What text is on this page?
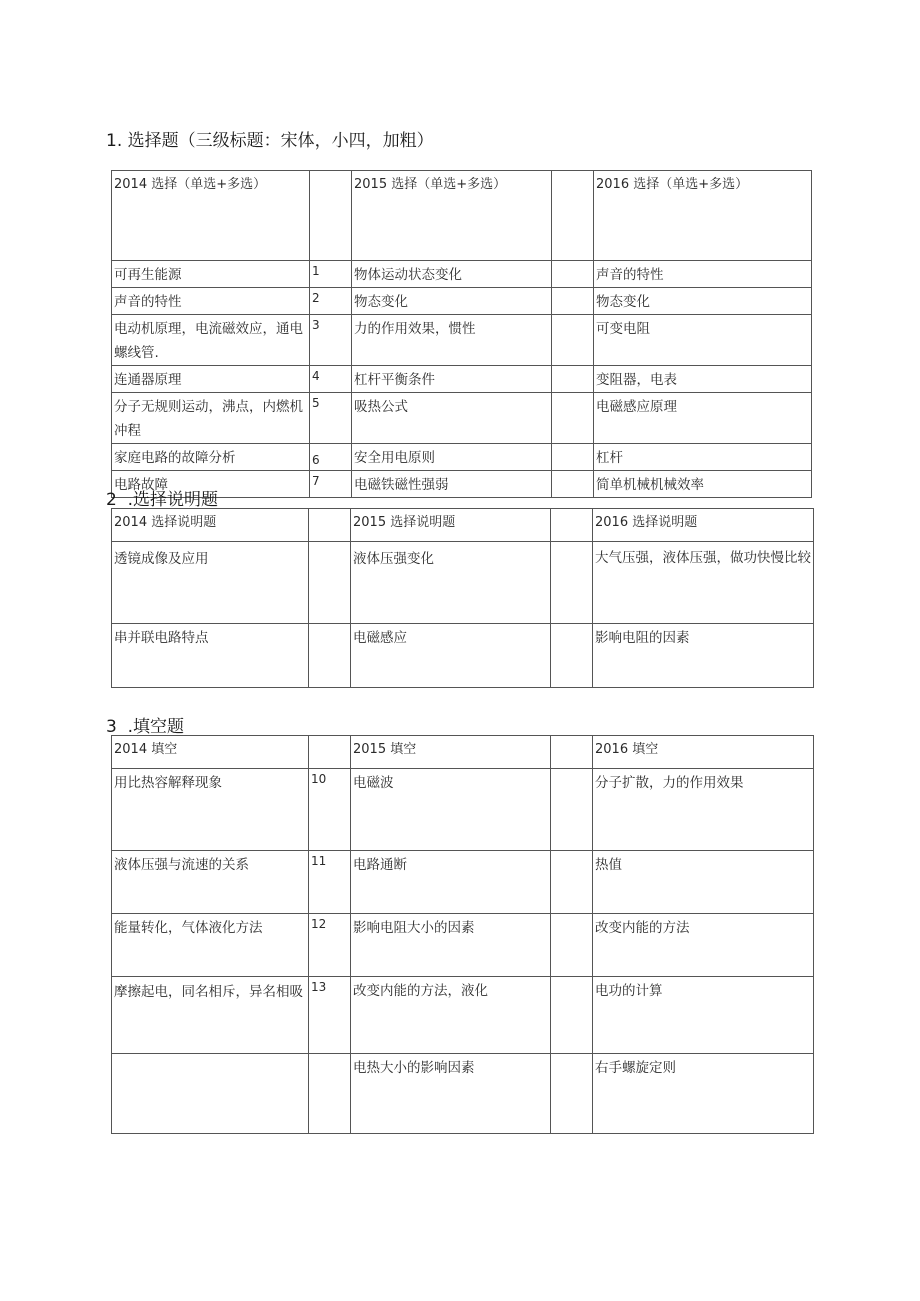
1. 选择题（三级标题：宋体，小四，加粗）
2014 选择（单选+多选）		2015 选择（单选+多选）		2016 选择（单选+多选）
可再生能源	1	物体运动状态变化		声音的特性
声音的特性	2	物态变化		物态变化
电动机原理，电流磁效应，通电螺线管.	3	力的作用效果，惯性		可变电阻
连通器原理	4	杠杆平衡条件		变阻器，电表
分子无规则运动，沸点，内燃机冲程	5	吸热公式		电磁感应原理
家庭电路的故障分析	6	安全用电原则		杠杆
电路故障	7	电磁铁磁性强弱		简单机械机械效率
2  .选择说明题
2014 选择说明题		2015 选择说明题		2016 选择说明题
透镜成像及应用		液体压强变化		大气压强，液体压强，做功快慢比较
串并联电路特点		电磁感应		影响电阻的因素
3  .填空题
2014 填空		2015 填空		2016 填空
用比热容解释现象	10	电磁波		分子扩散，力的作用效果
液体压强与流速的关系	11	电路通断		热值
能量转化，气体液化方法	12	影响电阻大小的因素		改变内能的方法
摩擦起电，同名相斥，异名相吸	13	改变内能的方法，液化		电功的计算
		电热大小的影响因素		右手螺旋定则
